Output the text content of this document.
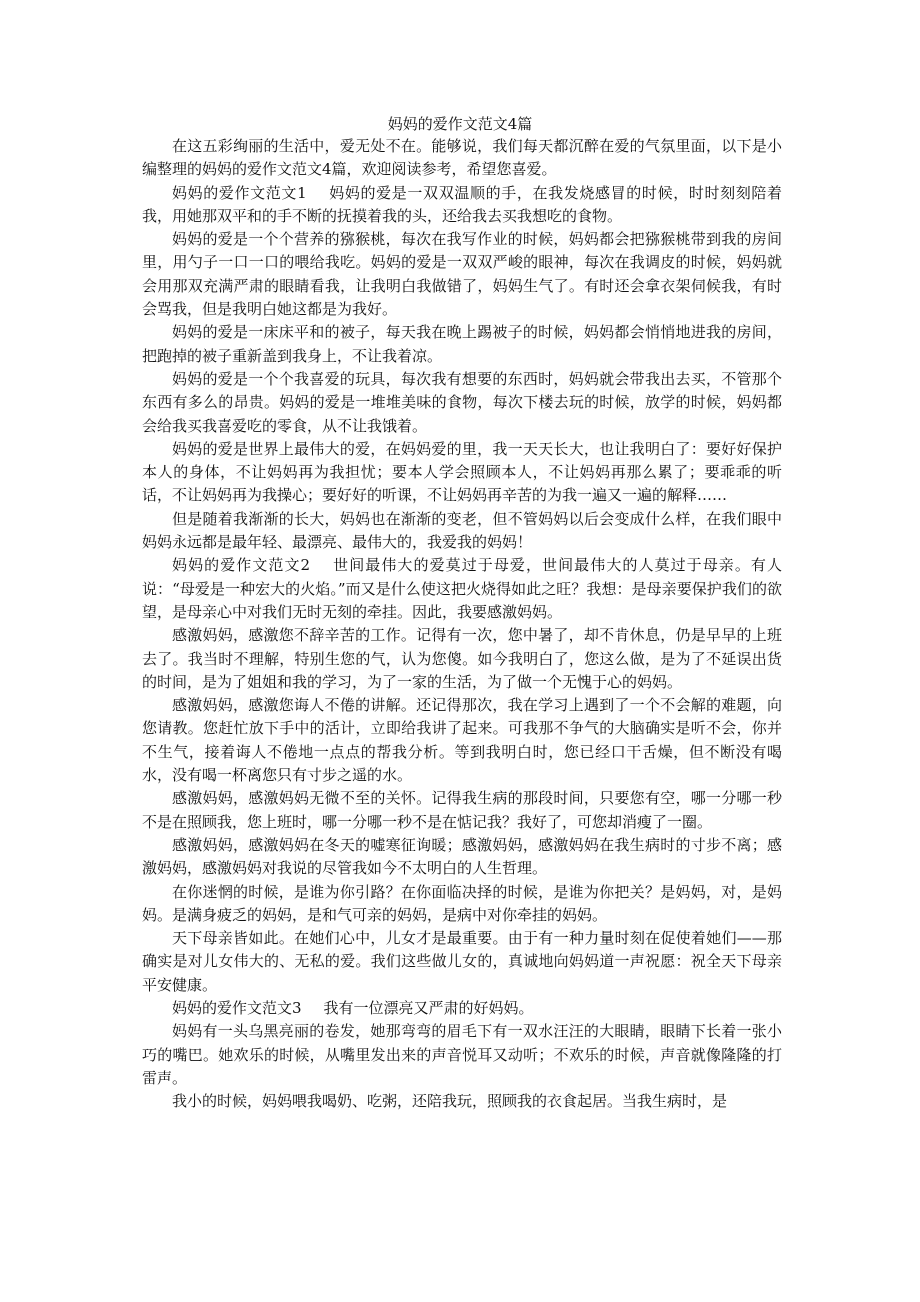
妈妈的爱作文范文4篇

在这五彩绚丽的生活中，爱无处不在。能够说，我们每天都沉醉在爱的气氛里面，以下是小编整理的妈妈的爱作文范文4篇，欢迎阅读参考，希望您喜爱。

妈妈的爱作文范文1 妈妈的爱是一双双温顺的手，在我发烧感冒的时候，时时刻刻陪着我，用她那双平和的手不断的抚摸着我的头，还给我去买我想吃的食物。

妈妈的爱是一个个营养的猕猴桃，每次在我写作业的时候，妈妈都会把猕猴桃带到我的房间里，用勺子一口一口的喂给我吃。妈妈的爱是一双双严峻的眼神，每次在我调皮的时候，妈妈就会用那双充满严肃的眼睛看我，让我明白我做错了，妈妈生气了。有时还会拿衣架伺候我，有时会骂我，但是我明白她这都是为我好。

妈妈的爱是一床床平和的被子，每天我在晚上踢被子的时候，妈妈都会悄悄地进我的房间，把跑掉的被子重新盖到我身上，不让我着凉。

妈妈的爱是一个个我喜爱的玩具，每次我有想要的东西时，妈妈就会带我出去买，不管那个东西有多么的昂贵。妈妈的爱是一堆堆美味的食物，每次下楼去玩的时候，放学的时候，妈妈都会给我买我喜爱吃的零食，从不让我饿着。

妈妈的爱是世界上最伟大的爱，在妈妈爱的里，我一天天长大，也让我明白了：要好好保护本人的身体，不让妈妈再为我担忧；要本人学会照顾本人，不让妈妈再那么累了；要乖乖的听话，不让妈妈再为我操心；要好好的听课，不让妈妈再辛苦的为我一遍又一遍的解释……

但是随着我渐渐的长大，妈妈也在渐渐的变老，但不管妈妈以后会变成什么样，在我们眼中妈妈永远都是最年轻、最漂亮、最伟大的，我爱我的妈妈！

妈妈的爱作文范文2 世间最伟大的爱莫过于母爱，世间最伟大的人莫过于母亲。有人说：“母爱是一种宏大的火焰。”而又是什么使这把火烧得如此之旺？我想：是母亲要保护我们的欲望，是母亲心中对我们无时无刻的牵挂。因此，我要感激妈妈。

感激妈妈，感激您不辞辛苦的工作。记得有一次，您中暑了，却不肯休息，仍是早早的上班去了。我当时不理解，特别生您的气，认为您傻。如今我明白了，您这么做，是为了不延误出货的时间，是为了姐姐和我的学习，为了一家的生活，为了做一个无愧于心的妈妈。

感激妈妈，感激您诲人不倦的讲解。还记得那次，我在学习上遇到了一个不会解的难题，向您请教。您赶忙放下手中的活计，立即给我讲了起来。可我那不争气的大脑确实是听不会，你并不生气，接着诲人不倦地一点点的帮我分析。等到我明白时，您已经口干舌燥，但不断没有喝水，没有喝一杯离您只有寸步之遥的水。

感激妈妈，感激妈妈无微不至的关怀。记得我生病的那段时间，只要您有空，哪一分哪一秒不是在照顾我，您上班时，哪一分哪一秒不是在惦记我？我好了，可您却消瘦了一圈。

感激妈妈，感激妈妈在冬天的嘘寒征询暖；感激妈妈，感激妈妈在我生病时的寸步不离；感激妈妈，感激妈妈对我说的尽管我如今不太明白的人生哲理。

在你迷惘的时候，是谁为你引路？在你面临决择的时候，是谁为你把关？是妈妈，对，是妈妈。是满身疲乏的妈妈，是和气可亲的妈妈，是病中对你牵挂的妈妈。

天下母亲皆如此。在她们心中，儿女才是最重要。由于有一种力量时刻在促使着她们——那确实是对儿女伟大的、无私的爱。我们这些做儿女的，真诚地向妈妈道一声祝愿：祝全天下母亲平安健康。

妈妈的爱作文范文3 我有一位漂亮又严肃的好妈妈。

妈妈有一头乌黑亮丽的卷发，她那弯弯的眉毛下有一双水汪汪的大眼睛，眼睛下长着一张小巧的嘴巴。她欢乐的时候，从嘴里发出来的声音悦耳又动听；不欢乐的时候，声音就像隆隆的打雷声。

我小的时候，妈妈喂我喝奶、吃粥，还陪我玩，照顾我的衣食起居。当我生病时，是
